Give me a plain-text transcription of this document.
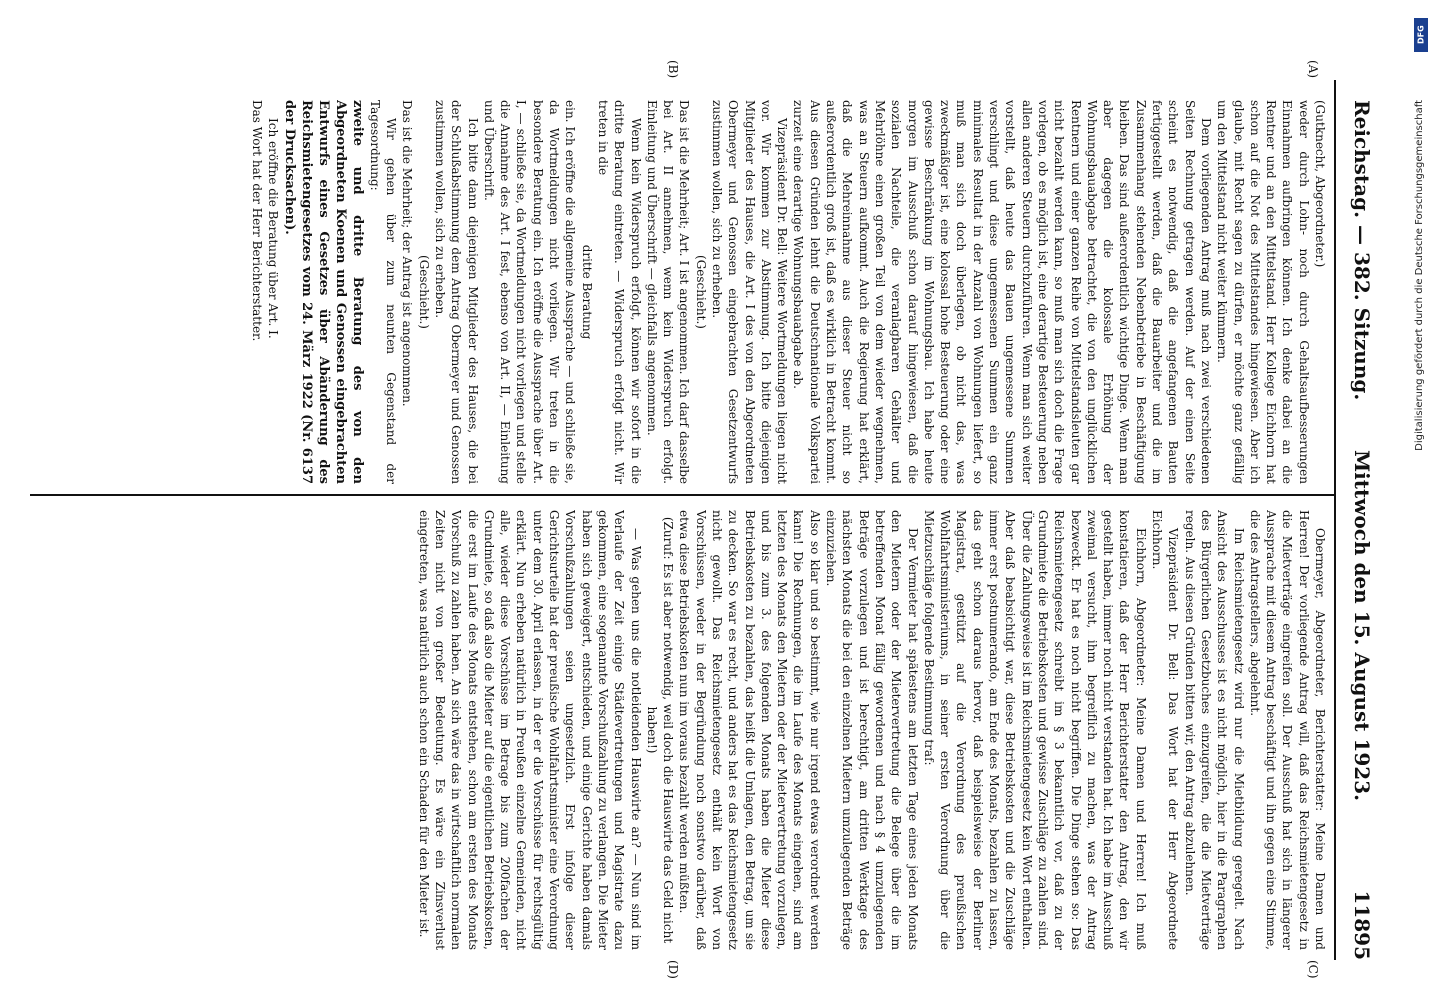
Reichstag. — 382. Sitzung.
Mittwoch den 15. August 1923.
11895
(A)
(B)
(C)
(D)

(Gutknecht, Abgeordneter.)

weder durch Lohn- noch durch Gehaltsaufbesserungen Einnahmen aufbringen können. Ich denke dabei an die Rentner und an den Mittelstand. Herr Kollege Eichhorn hat schon auf die Not des Mittelstandes hingewiesen. Aber ich glaube, mit Recht sagen zu dürfen, er möchte ganz gefällig um den Mittelstand nicht weiter kümmern.

Dem vorliegenden Antrag muß nach zwei verschiedenen Seiten Rechnung getragen werden. Auf der einen Seite scheint es notwendig, daß die angefangenen Bauten fertiggestellt werden, daß die Bauarbeiter und die im Zusammenhang stehenden Nebenbetriebe in Beschäftigung bleiben. Das sind außerordentlich wichtige Dinge. Wenn man aber dagegen die kolossale Erhöhung der Wohnungsbauabgabe betrachtet, die von den unglücklichen Rentnern und einer ganzen Reihe von Mittelstandsleuten gar nicht bezahlt werden kann, so muß man sich doch die Frage vorlegen, ob es möglich ist, eine derartige Besteuerung neben allen anderen Steuern durchzuführen. Wenn man sich weiter vorstellt, daß heute das Bauen ungemessene Summen verschlingt und diese ungemessenen Summen ein ganz minimales Resultat in der Anzahl von Wohnungen liefert, so muß man sich doch überlegen, ob nicht das, was zweckmäßiger ist, eine kolossal hohe Besteuerung oder eine gewisse Beschränkung im Wohnungsbau. Ich habe heute morgen im Ausschuß schon darauf hingewiesen, daß die sozialen Nachteile, die veranlagbaren Gehälter und Mehrlöhne einen großen Teil von dem wieder wegnehmen, was an Steuern aufkommt. Auch die Regierung hat erklärt, daß die Mehreinnahme aus dieser Steuer nicht so außerordentlich groß ist, daß es wirklich in Betracht kommt. Aus diesen Gründen lehnt die Deutschnationale Volkspartei zurzeit eine derartige Wohnungsbauabgabe ab.

Vizepräsident Dr. Bell: Weitere Wortmeldungen liegen nicht vor. Wir kommen zur Abstimmung. Ich bitte diejenigen Mitglieder des Hauses, die Art. I des von den Abgeordneten Obermeyer und Genossen eingebrachten Gesetzentwurfs zustimmen wollen, sich zu erheben.

(Geschieht.)

Das ist die Mehrheit; Art. I ist angenommen. Ich darf dasselbe bei Art. II annehmen, wenn kein Widerspruch erfolgt. Einleitung und Überschrift — gleichfalls angenommen.

Wenn kein Widerspruch erfolgt, können wir sofort in die dritte Beratung eintreten. — Widerspruch erfolgt nicht. Wir treten in die

dritte Beratung

ein. Ich eröffne die allgemeine Aussprache — und schließe sie, da Wortmeldungen nicht vorliegen. Wir treten in die besondere Beratung ein. Ich eröffne die Aussprache über Art. I, — schließe sie, da Wortmeldungen nicht vorliegen und stelle die Annahme des Art. I fest, ebenso von Art. II, — Einleitung und Überschrift.

Ich bitte dann diejenigen Mitglieder des Hauses, die bei der Schlußabstimmung dem Antrag Obermeyer und Genossen zustimmen wollen, sich zu erheben.

(Geschieht.)

Das ist die Mehrheit; der Antrag ist angenommen.

Wir gehen über zum neunten Gegenstand der Tagesordnung:

zweite und dritte Beratung des von den Abgeordneten Koenen und Genossen eingebrachten Entwurfs eines Gesetzes über Abänderung des Reichsmietengesetzes vom 24. März 1922 (Nr. 6137 der Drucksachen).

Ich eröffne die Beratung über Art. I.

Das Wort hat der Herr Berichterstatter.

Obermeyer, Abgeordneter, Berichterstatter: Meine Damen und Herren! Der vorliegende Antrag will, daß das Reichsmietengesetz in die Mietverträge eingreifen soll. Der Ausschuß hat sich in längerer Aussprache mit diesem Antrag beschäftigt und ihn gegen eine Stimme, die des Antragstellers, abgelehnt.

Im Reichsmietengesetz wird nur die Mietbildung geregelt. Nach Ansicht des Ausschusses ist es nicht möglich, hier in die Paragraphen des Bürgerlichen Gesetzbuches einzugreifen, die die Mietverträge regeln. Aus diesen Gründen bitten wir, den Antrag abzulehnen.

Vizepräsident Dr. Bell: Das Wort hat der Herr Abgeordnete Eichhorn.

Eichhorn, Abgeordneter: Meine Damen und Herren! Ich muß konstatieren, daß der Herr Berichterstatter den Antrag, den wir gestellt haben, immer noch nicht verstanden hat. Ich habe im Ausschuß zweimal versucht, ihm begreiflich zu machen, was der Antrag bezweckt. Er hat es noch nicht begriffen. Die Dinge stehen so: Das Reichsmietengesetz schreibt im § 3 bekanntlich vor, daß zu der Grundmiete die Betriebskosten und gewisse Zuschläge zu zahlen sind. Über die Zahlungsweise ist im Reichsmietengesetz kein Wort enthalten. Aber daß beabsichtigt war, diese Betriebskosten und die Zuschläge immer erst postnumerando, am Ende des Monats, bezahlen zu lassen, das geht schon daraus hervor, daß beispielsweise der Berliner Magistrat, gestützt auf die Verordnung des preußischen Wohlfahrtsministeriums, in seiner ersten Verordnung über die Mietzuschläge folgende Bestimmung traf:

Der Vermieter hat spätestens am letzten Tage eines jeden Monats den Mietern oder der Mietervertretung die Belege über die im betreffenden Monat fällig gewordenen und nach § 4 umzulegenden Beträge vorzulegen und ist berechtigt, am dritten Werktage des nächsten Monats die bei den einzelnen Mietern umzulegenden Beträge einzuziehen.

Also so klar und so bestimmt, wie nur irgend etwas verordnet werden kann! Die Rechnungen, die im Laufe des Monats eingehen, sind am letzten des Monats den Mietern oder der Mietervertretung vorzulegen, und bis zum 3. des folgenden Monats haben die Mieter diese Betriebskosten zu bezahlen, das heißt die Umlagen, den Betrag, um sie zu decken. So war es recht, und anders hat es das Reichsmietengesetz nicht gewollt. Das Reichsmietengesetz enthält kein Wort von Vorschüssen, weder in der Begründung noch sonstwo darüber, daß etwa diese Betriebskosten nun im voraus bezahlt werden müßten.

(Zuruf: Es ist aber notwendig, weil doch die Hauswirte das Geld nicht haben!)

— Was gehen uns die notleidenden Hauswirte an? — Nun sind im Verlaufe der Zeit einige Städtevertretungen und Magistrate dazu gekommen, eine sogenannte Vorschußzahlung zu verlangen. Die Mieter haben sich geweigert, entschieden, und einige Gerichte haben damals Vorschußzahlungen seien ungesetzlich. Erst infolge dieser Gerichtsurteile hat der preußische Wohlfahrtsminister eine Verordnung unter dem 30. April erlassen, in der er die Vorschüsse für rechtsgültig erklärt. Nun erheben natürlich in Preußen einzelne Gemeinden, nicht alle, wieder diese Vorschüsse im Betrage bis zum 200fachen der Grundmiete, so daß also die Mieter auf die eigentlichen Betriebskosten, die erst im Laufe des Monats entstehen, schon am ersten des Monats Vorschuß zu zahlen haben. An sich wäre das in wirtschaftlich normalen Zeiten nicht von großer Bedeutung. Es wäre ein Zinsverlust eingetreten, was natürlich auch schon ein Schaden für den Mieter ist.

DFG
Digitalisierung gefördert durch die Deutsche Forschungsgemeinschaft
